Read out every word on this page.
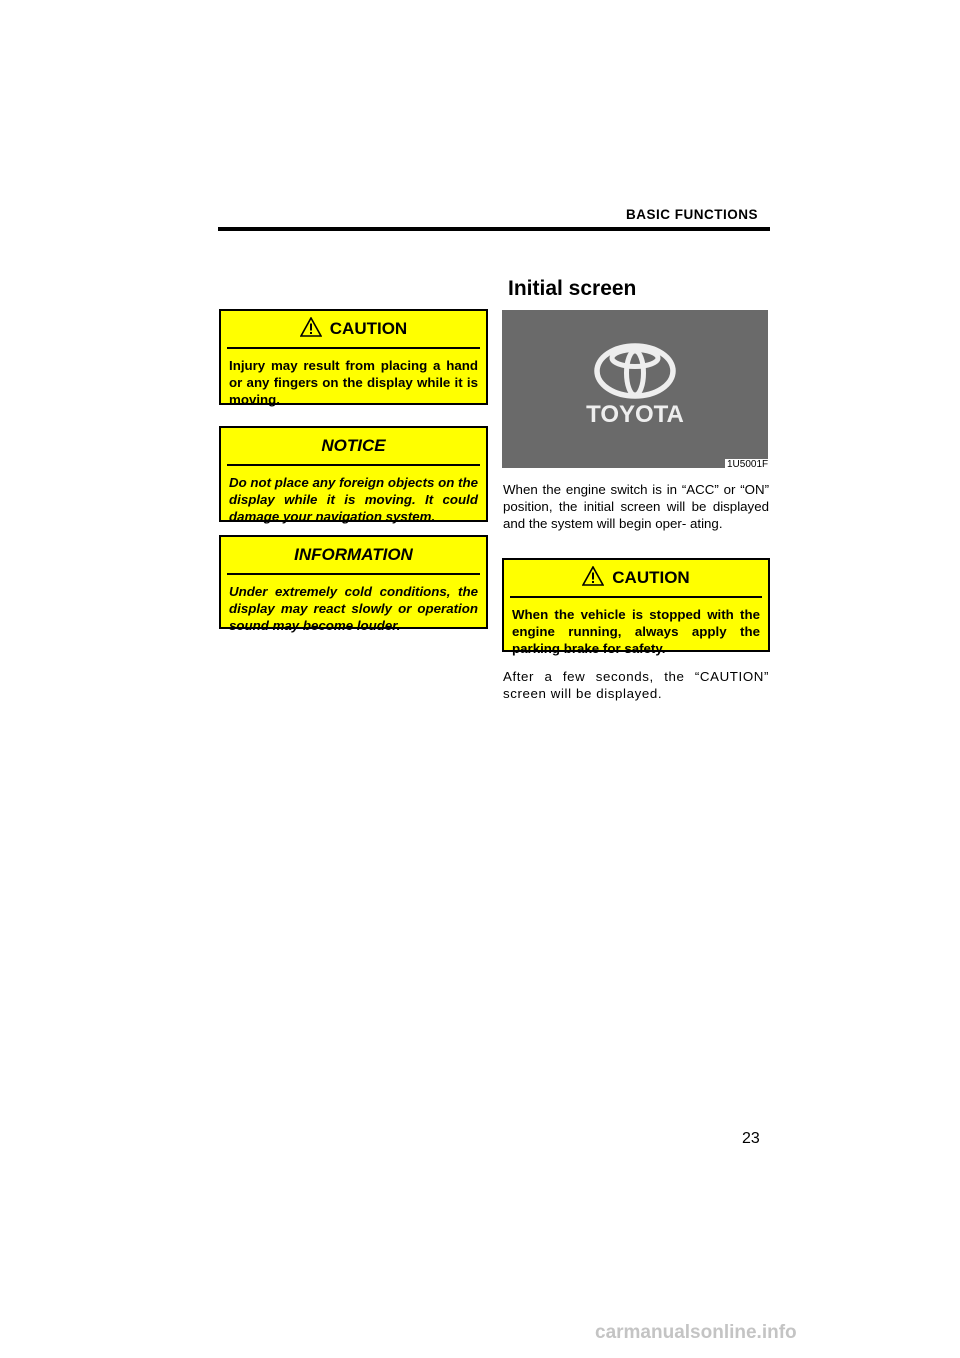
BASIC FUNCTIONS
CAUTION
Injury may result from placing a hand or any fingers on the display while it is moving.
NOTICE
Do not place any foreign objects on the display while it is moving. It could damage your navigation system.
INFORMATION
Under extremely cold conditions, the display may react slowly or operation sound may become louder.
Initial screen
TOYOTA
1U5001F
When the engine switch is in “ACC” or “ON” position, the initial screen will be displayed and the system will begin oper- ating.
CAUTION
When the vehicle is stopped with the engine running, always apply the parking brake for safety.
After a few seconds, the “CAUTION” screen will be displayed.
23
carmanualsonline.info
